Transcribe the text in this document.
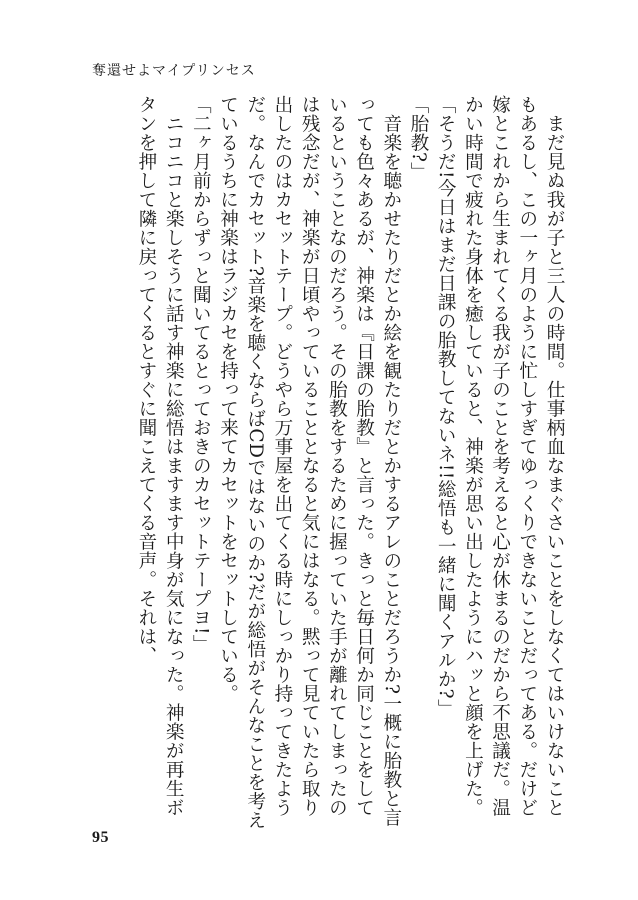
奪還せよマイプリンセス

　まだ見ぬ我が子と三人の時間。仕事柄血なまぐさいことをしなくてはいけないこともあるし、この一ヶ月のように忙しすぎてゆっくりできないことだってある。だけど嫁とこれから生まれてくる我が子のことを考えると心が休まるのだから不思議だ。温かい時間で疲れた身体を癒していると、神楽が思い出したようにハッと顔を上げた。

「そうだ!今日はまだ日課の胎教してないネ!!総悟も一緒に聞くアルか?」

「胎教?」

　音楽を聴かせたりだとか絵を観たりだとかするアレのことだろうか?一概に胎教と言っても色々あるが、神楽は『日課の胎教』と言った。きっと毎日何か同じことをしているということなのだろう。その胎教をするために握っていた手が離れてしまったのは残念だが、神楽が日頃やっていることとなると気にはなる。黙って見ていたら取り出したのはカセットテープ。どうやら万事屋を出てくる時にしっかり持ってきたようだ。なんでカセット?音楽を聴くならばCDではないのか?だが総悟がそんなことを考えているうちに神楽はラジカセを持って来てカセットをセットしている。

「二ヶ月前からずっと聞いてるとっておきのカセットテープヨ!」

　ニコニコと楽しそうに話す神楽に総悟はますます中身が気になった。神楽が再生ボタンを押して隣に戻ってくるとすぐに聞こえてくる音声。それは、

95
